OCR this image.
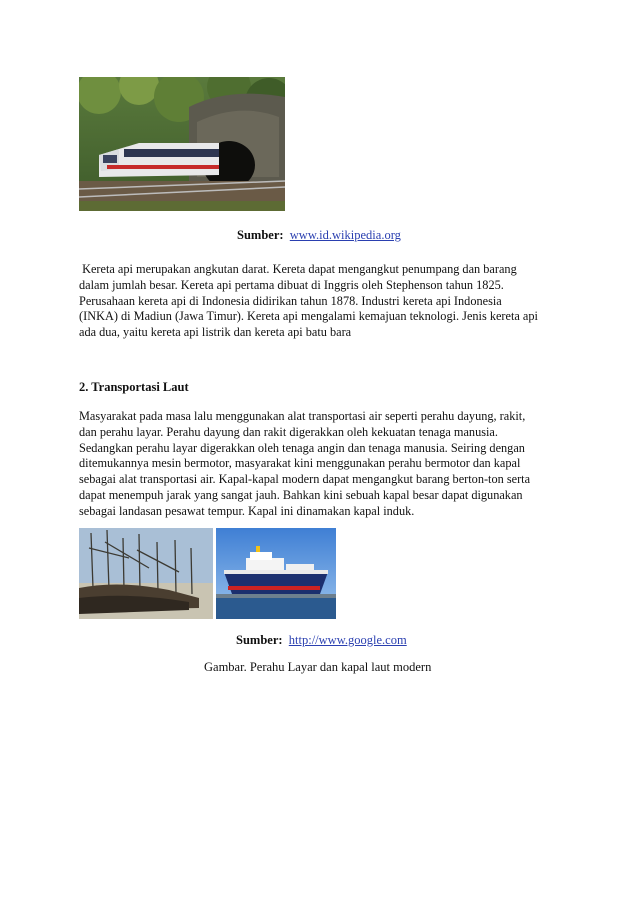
Sumber: www.id.wikipedia.org
Kereta api merupakan angkutan darat. Kereta dapat mengangkut penumpang dan barang
dalam jumlah besar. Kereta api pertama dibuat di Inggris oleh Stephenson tahun 1825.
Perusahaan kereta api di Indonesia didirikan tahun 1878. Industri kereta api Indonesia
(INKA) di Madiun (Jawa Timur). Kereta api mengalami kemajuan teknologi. Jenis kereta api
ada dua, yaitu kereta api listrik dan kereta api batu bara
2. Transportasi Laut
Masyarakat pada masa lalu menggunakan alat transportasi air seperti perahu dayung, rakit,
dan perahu layar. Perahu dayung dan rakit digerakkan oleh kekuatan tenaga manusia.
Sedangkan perahu layar digerakkan oleh tenaga angin dan tenaga manusia. Seiring dengan
ditemukannya mesin bermotor, masyarakat kini menggunakan perahu bermotor dan kapal
sebagai alat transportasi air. Kapal-kapal modern dapat mengangkut barang berton-ton serta
dapat menempuh jarak yang sangat jauh. Bahkan kini sebuah kapal besar dapat digunakan
sebagai landasan pesawat tempur. Kapal ini dinamakan kapal induk.
Sumber: http://www.google.com
Gambar. Perahu Layar dan kapal laut modern
